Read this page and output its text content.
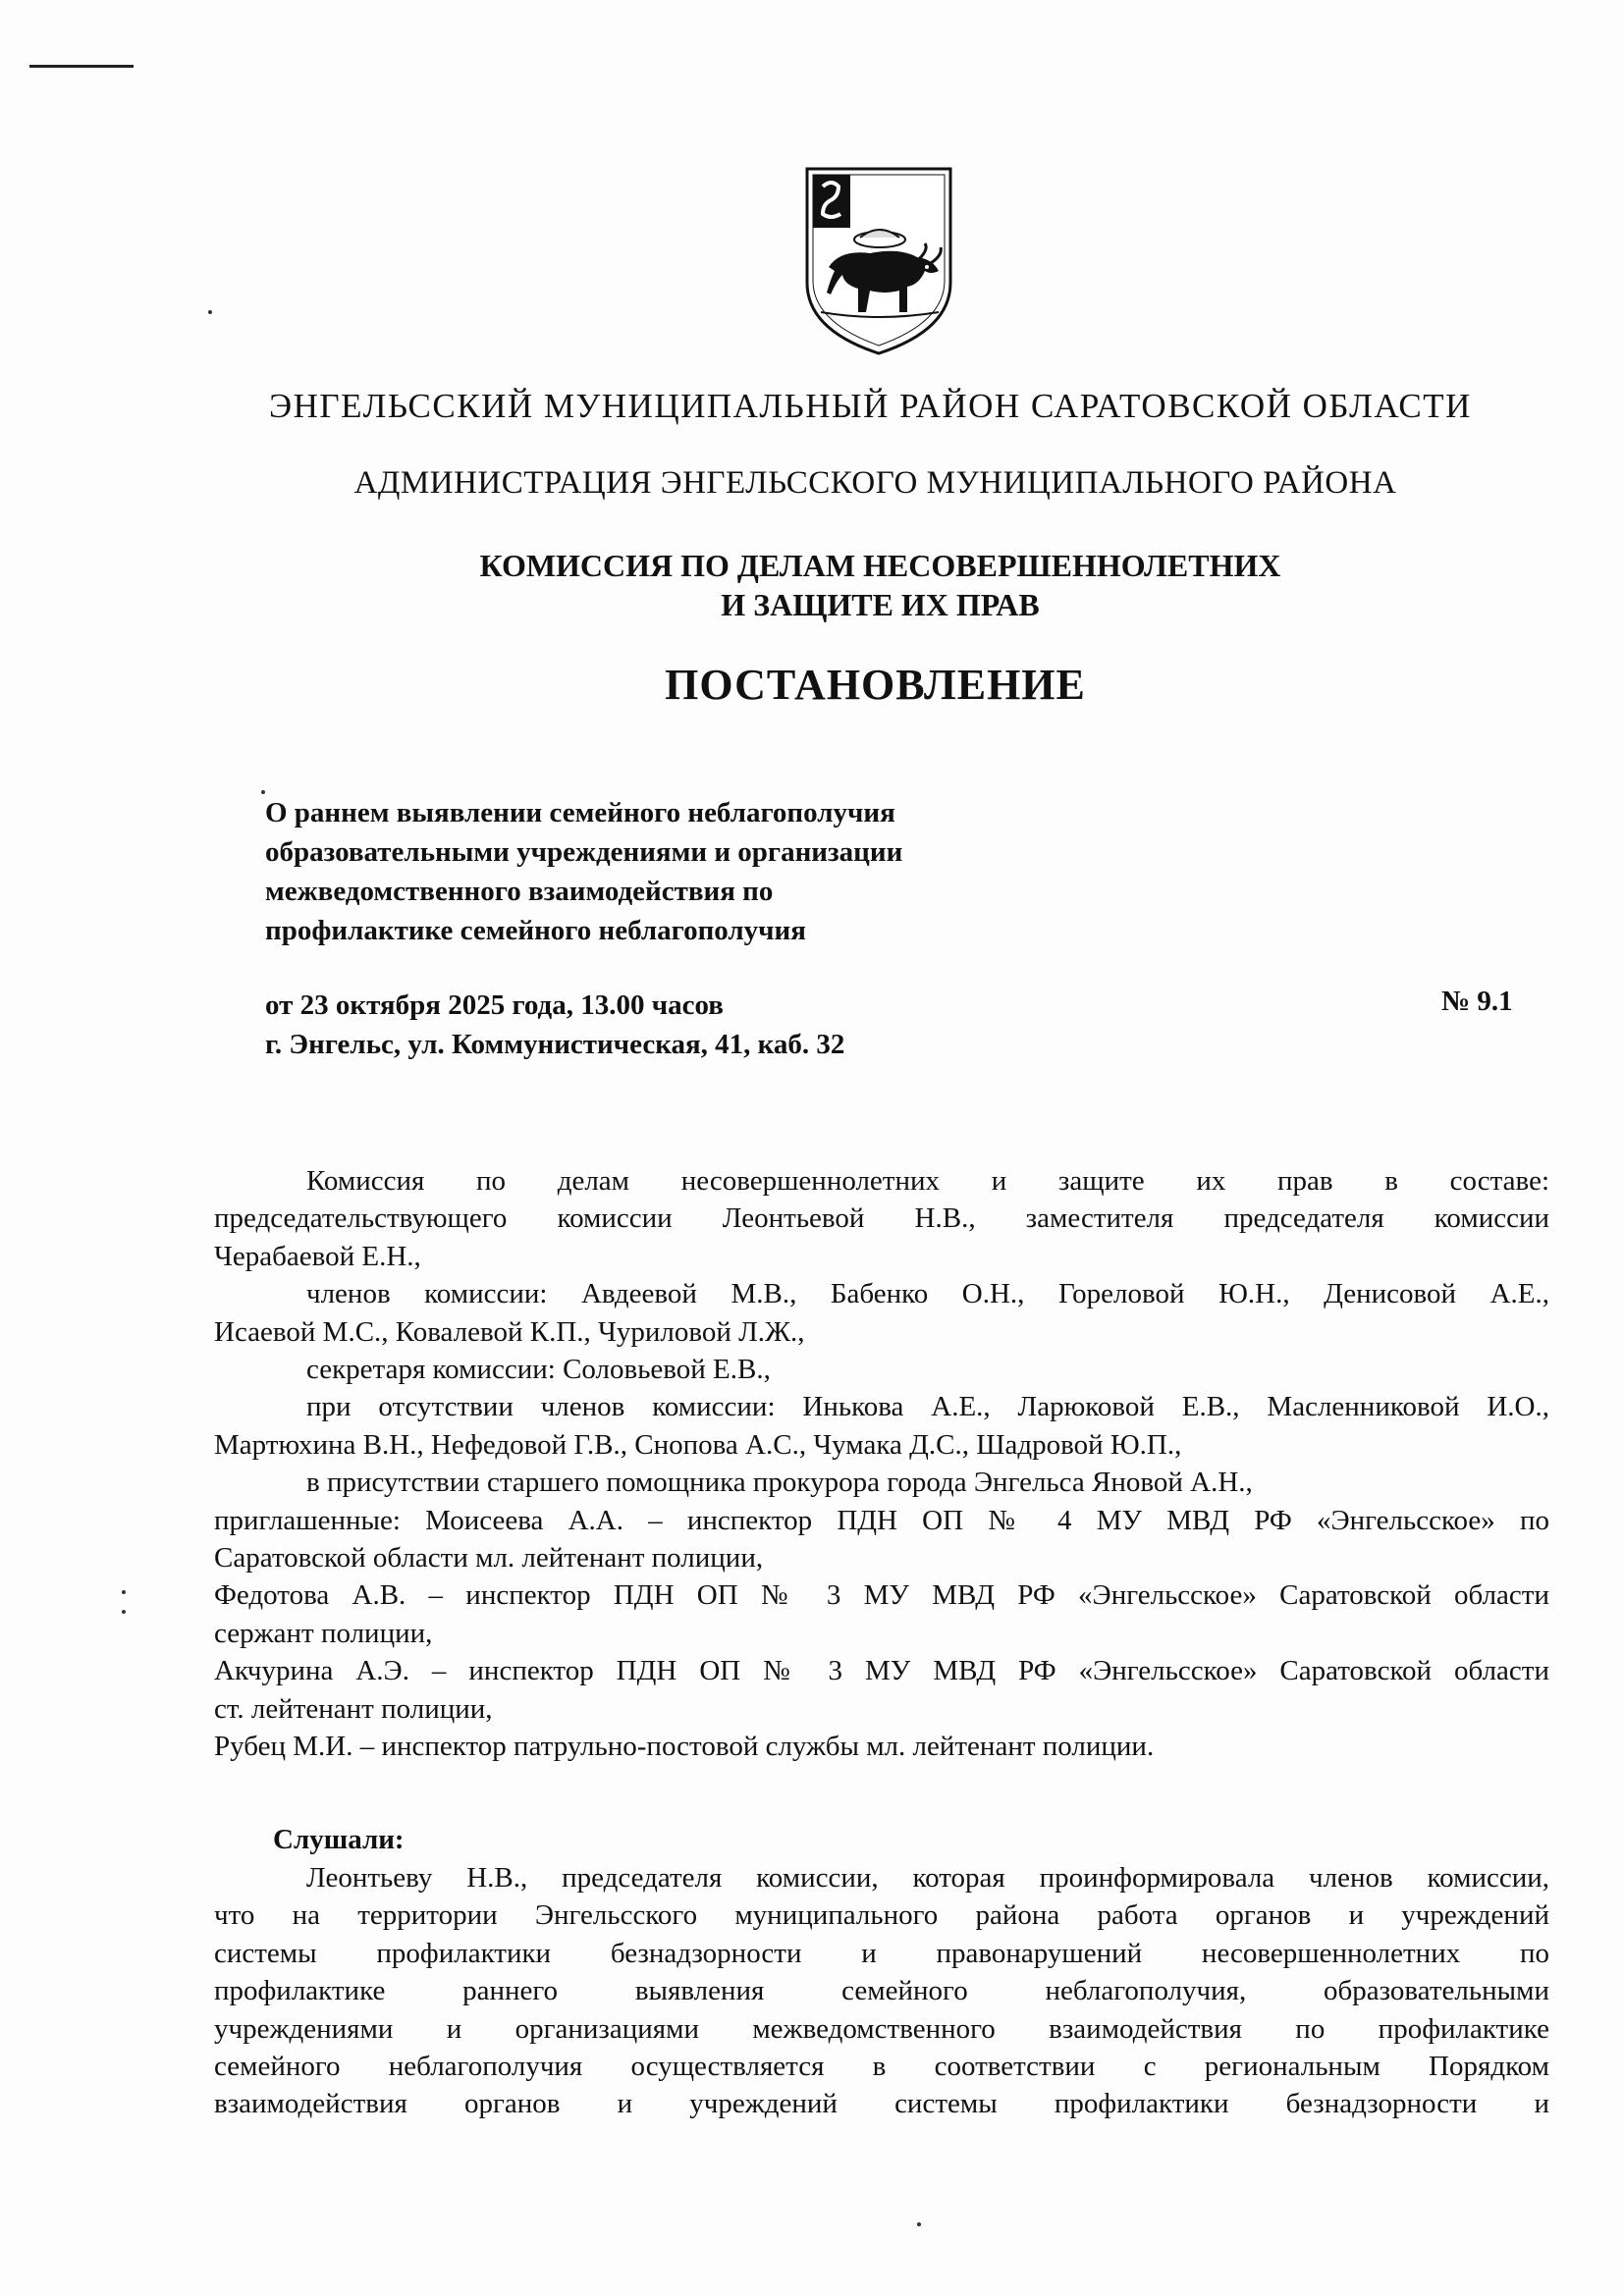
ЭНГЕЛЬССКИЙ МУНИЦИПАЛЬНЫЙ РАЙОН САРАТОВСКОЙ ОБЛАСТИ
АДМИНИСТРАЦИЯ ЭНГЕЛЬССКОГО МУНИЦИПАЛЬНОГО РАЙОНА
КОМИССИЯ ПО ДЕЛАМ НЕСОВЕРШЕННОЛЕТНИХ
И ЗАЩИТЕ ИХ ПРАВ
ПОСТАНОВЛЕНИЕ
О раннем выявлении семейного неблагополучия
образовательными учреждениями и организации
межведомственного взаимодействия по
профилактике семейного неблагополучия
от 23 октября 2025 года, 13.00 часов
г. Энгельс, ул. Коммунистическая, 41, каб. 32
№ 9.1
Комиссия по делам несовершеннолетних и защите их прав в составе:
председательствующего комиссии Леонтьевой Н.В., заместителя председателя комиссии
Черабаевой Е.Н.,
членов комиссии: Авдеевой М.В., Бабенко О.Н., Гореловой Ю.Н., Денисовой А.Е.,
Исаевой М.С., Ковалевой К.П., Чуриловой Л.Ж.,
секретаря комиссии: Соловьевой Е.В.,
при отсутствии членов комиссии: Инькова А.Е., Ларюковой Е.В., Масленниковой И.О.,
Мартюхина В.Н., Нефедовой Г.В., Снопова А.С., Чумака Д.С., Шадровой Ю.П.,
в присутствии старшего помощника прокурора города Энгельса Яновой А.Н.,
приглашенные: Моисеева А.А. – инспектор ПДН ОП № 4 МУ МВД РФ «Энгельсское» по
Саратовской области мл. лейтенант полиции,
Федотова А.В. – инспектор ПДН ОП № 3 МУ МВД РФ «Энгельсское» Саратовской области
сержант полиции,
Акчурина А.Э. – инспектор ПДН ОП № 3 МУ МВД РФ «Энгельсское» Саратовской области
ст. лейтенант полиции,
Рубец М.И. – инспектор патрульно-постовой службы мл. лейтенант полиции.
Слушали:
Леонтьеву Н.В., председателя комиссии, которая проинформировала членов комиссии,
что на территории Энгельсского муниципального района работа органов и учреждений
системы профилактики безнадзорности и правонарушений несовершеннолетних по
профилактике раннего выявления семейного неблагополучия, образовательными
учреждениями и организациями межведомственного взаимодействия по профилактике
семейного неблагополучия осуществляется в соответствии с региональным Порядком
взаимодействия органов и учреждений системы профилактики безнадзорности и
